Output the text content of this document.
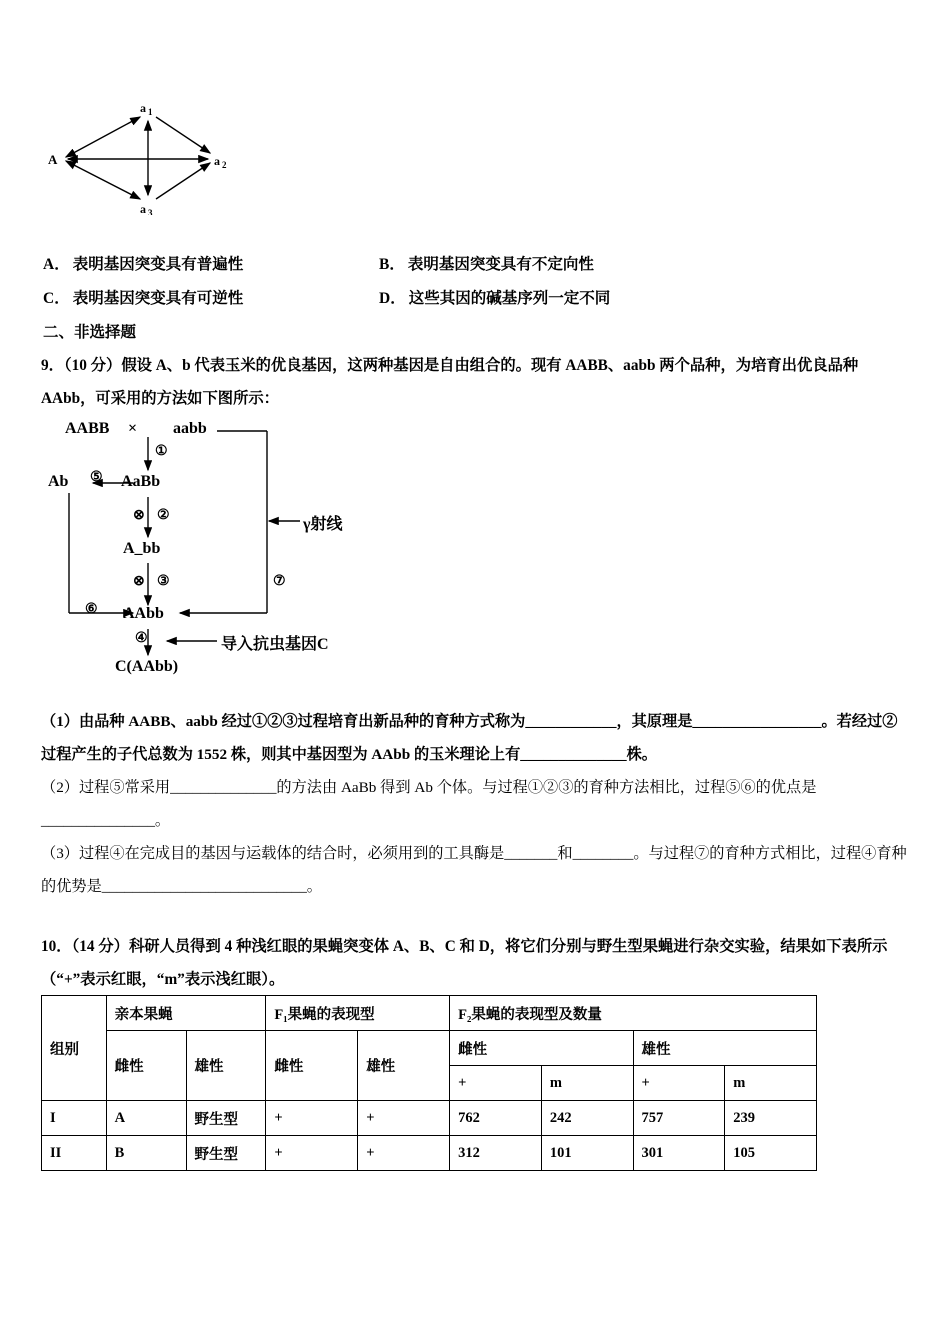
A
a 1
a 2
a 3
A． 表明基因突变具有普遍性	B． 表明基因突变具有不定向性
C． 表明基因突变具有可逆性	D． 这些其因的碱基序列一定不同
二、非选择题
9．（10 分）假设 A、b 代表玉米的优良基因，这两种基因是自由组合的。现有 AABB、aabb 两个品种，为培育出优良品种 AAbb，可采用的方法如下图所示：
AABB × aabb
①
AaBb
Ab ⑤
⊗ ②
A_bb
⊗ ③	⑦
γ射线
AAbb
⑥
④	导入抗虫基因C
C(AAbb)

（1）由品种 AABB、aabb 经过①②③过程培育出新品种的育种方式称为____________，其原理是_________________。若经过②过程产生的子代总数为 1552 株，则其中基因型为 AAbb 的玉米理论上有______________株。

（2）过程⑤常采用______________的方法由 AaBb 得到 Ab 个体。与过程①②③的育种方法相比，过程⑤⑥的优点是_______________。

（3）过程④在完成目的基因与运载体的结合时，必须用到的工具酶是_______和________。与过程⑦的育种方式相比，过程④育种的优势是___________________________。

10．（14 分）科研人员得到 4 种浅红眼的果蝇突变体 A、B、C 和 D，将它们分别与野生型果蝇进行杂交实验，结果如下表所示（“+”表示红眼，“m”表示浅红眼）。
组别	亲本果蝇		F₁果蝇的表现型		F₂果蝇的表现型及数量			
	雌性	雄性	雌性	雄性	雌性		雄性	
					+	m	+	m
I	A	野生型	+	+	762	242	757	239
II	B	野生型	+	+	312	101	301	105
